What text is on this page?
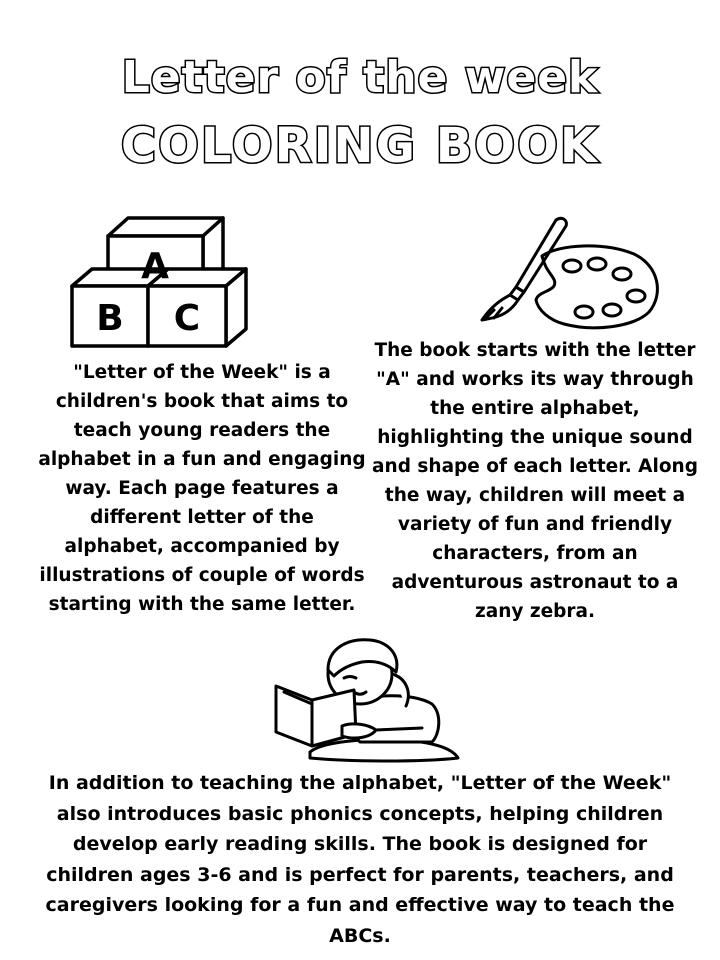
Letter of the week
COLORING BOOK
A
B C

"Letter of the Week" is a children's book that aims to teach young readers the alphabet in a fun and engaging way. Each page features a different letter of the alphabet, accompanied by illustrations of couple of words starting with the same letter.

The book starts with the letter "A" and works its way through the entire alphabet, highlighting the unique sound and shape of each letter. Along the way, children will meet a variety of fun and friendly characters, from an adventurous astronaut to a zany zebra.

In addition to teaching the alphabet, "Letter of the Week" also introduces basic phonics concepts, helping children develop early reading skills. The book is designed for children ages 3-6 and is perfect for parents, teachers, and caregivers looking for a fun and effective way to teach the ABCs.
